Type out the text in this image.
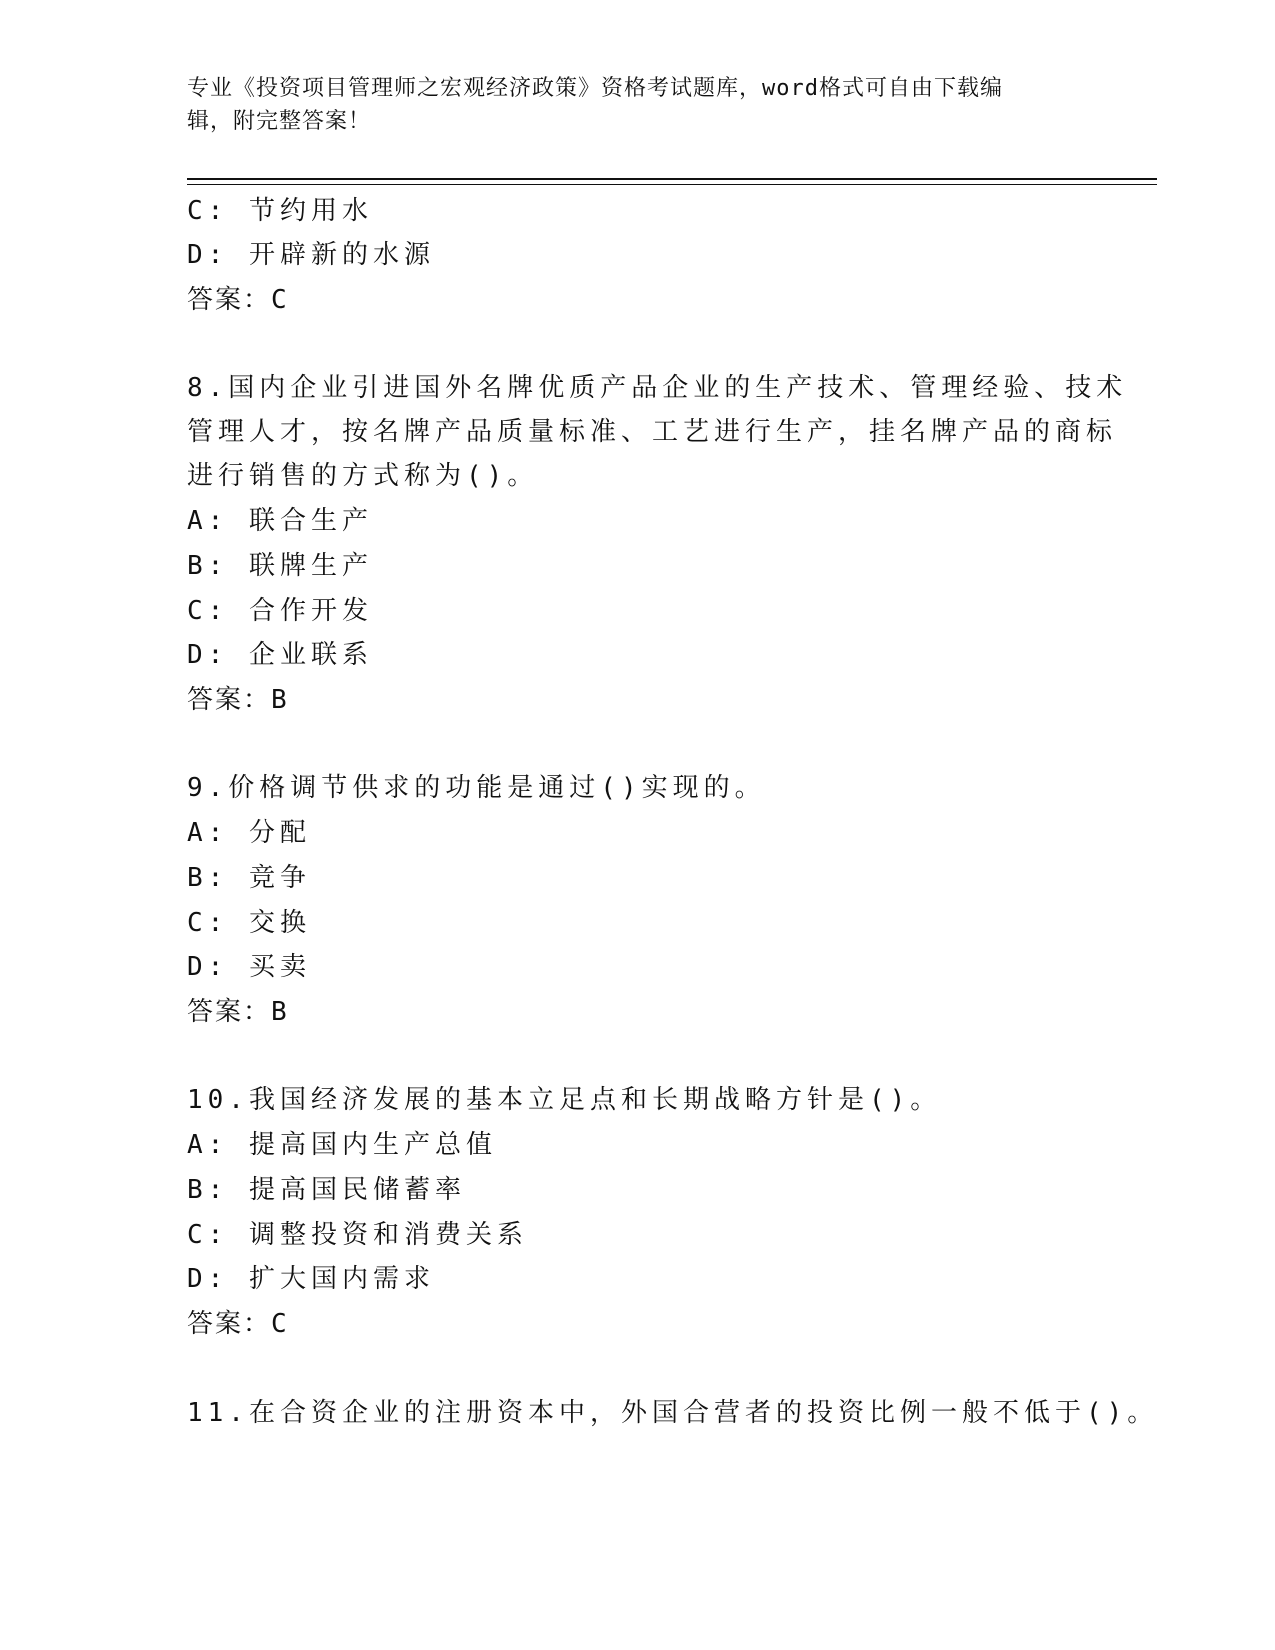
专业《投资项目管理师之宏观经济政策》资格考试题库，word格式可自由下载编
辑，附完整答案！
C: 节约用水
D: 开辟新的水源
答案：C
8.国内企业引进国外名牌优质产品企业的生产技术、管理经验、技术
管理人才，按名牌产品质量标准、工艺进行生产，挂名牌产品的商标
进行销售的方式称为()。
A: 联合生产
B: 联牌生产
C: 合作开发
D: 企业联系
答案：B
9.价格调节供求的功能是通过()实现的。
A: 分配
B: 竞争
C: 交换
D: 买卖
答案：B
10.我国经济发展的基本立足点和长期战略方针是()。
A: 提高国内生产总值
B: 提高国民储蓄率
C: 调整投资和消费关系
D: 扩大国内需求
答案：C
11.在合资企业的注册资本中，外国合营者的投资比例一般不低于()。
